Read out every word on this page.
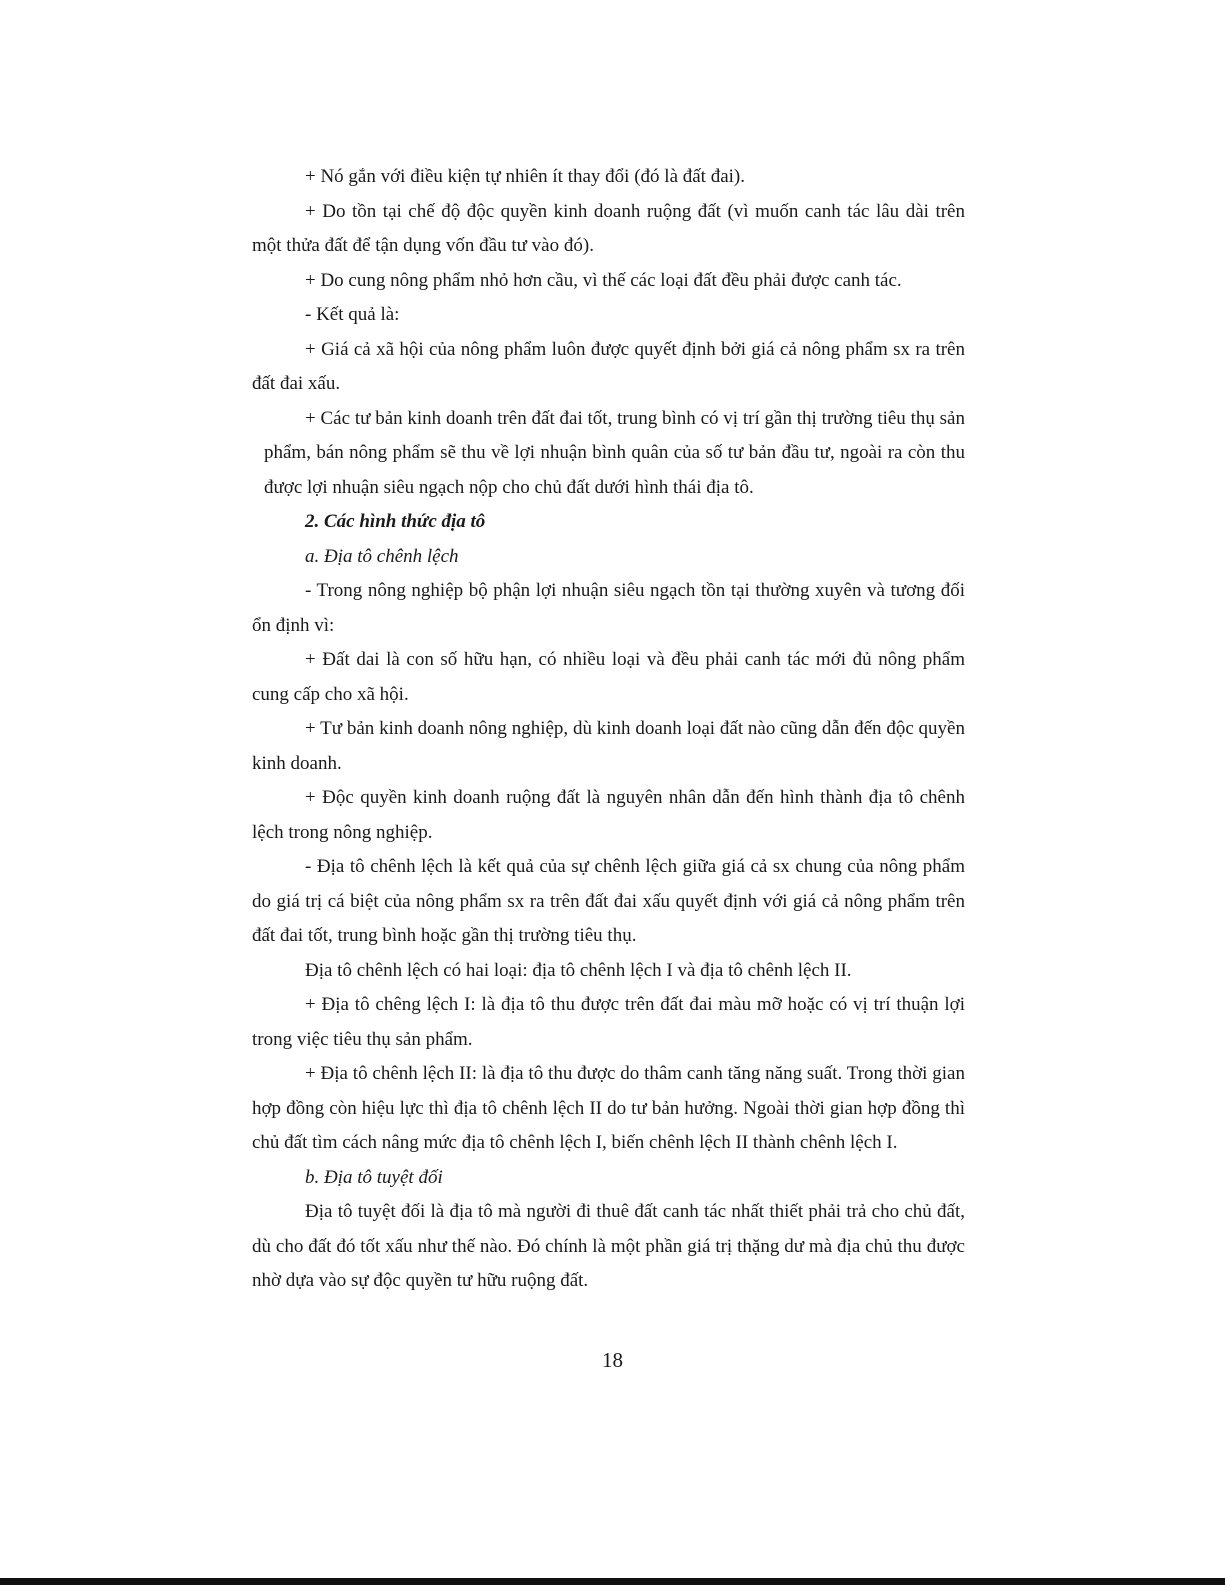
+ Nó gắn với điều kiện tự nhiên ít thay đổi (đó là đất đai).

+ Do tồn tại chế độ độc quyền kinh doanh ruộng đất (vì muốn canh tác lâu dài trên một thửa đất để tận dụng vốn đầu tư vào đó).

+ Do cung nông phẩm nhỏ hơn cầu, vì thế các loại đất đều phải được canh tác.

- Kết quả là:

+ Giá cả xã hội của nông phẩm luôn được quyết định bởi giá cả nông phẩm sx ra trên đất đai xấu.

+ Các tư bản kinh doanh trên đất đai tốt, trung bình có vị trí gần thị trường tiêu thụ sản phẩm, bán nông phẩm sẽ thu về lợi nhuận bình quân của số tư bản đầu tư, ngoài ra còn thu được lợi nhuận siêu ngạch nộp cho chủ đất dưới hình thái địa tô.

2. Các hình thức địa tô

a. Địa tô chênh lệch

- Trong nông nghiệp bộ phận lợi nhuận siêu ngạch tồn tại thường xuyên và tương đối ổn định vì:

+ Đất dai là con số hữu hạn, có nhiều loại và đều phải canh tác mới đủ nông phẩm cung cấp cho xã hội.

+ Tư bản kinh doanh nông nghiệp, dù kinh doanh loại đất nào cũng dẫn đến độc quyền kinh doanh.

+ Độc quyền kinh doanh ruộng đất là nguyên nhân dẫn đến hình thành địa tô chênh lệch trong nông nghiệp.

- Địa tô chênh lệch là kết quả của sự chênh lệch giữa giá cả sx chung của nông phẩm do giá trị cá biệt của nông phẩm sx ra trên đất đai xấu quyết định với giá cả nông phẩm trên đất đai tốt, trung bình hoặc gần thị trường tiêu thụ.

Địa tô chênh lệch có hai loại: địa tô chênh lệch I và địa tô chênh lệch II.

+ Địa tô chêng lệch I: là địa tô thu được trên đất đai màu mỡ hoặc có vị trí thuận lợi trong việc tiêu thụ sản phẩm.

+ Địa tô chênh lệch II: là địa tô thu được do thâm canh tăng năng suất. Trong thời gian hợp đồng còn hiệu lực thì địa tô chênh lệch II do tư bản hưởng. Ngoài thời gian hợp đồng thì chủ đất tìm cách nâng mức địa tô chênh lệch I, biến chênh lệch II thành chênh lệch I.

b. Địa tô tuyệt đối

Địa tô tuyệt đối là địa tô mà người đi thuê đất canh tác nhất thiết phải trả cho chủ đất, dù cho đất đó tốt xấu như thế nào. Đó chính là một phần giá trị thặng dư mà địa chủ thu được nhờ dựa vào sự độc quyền tư hữu ruộng đất.

18
